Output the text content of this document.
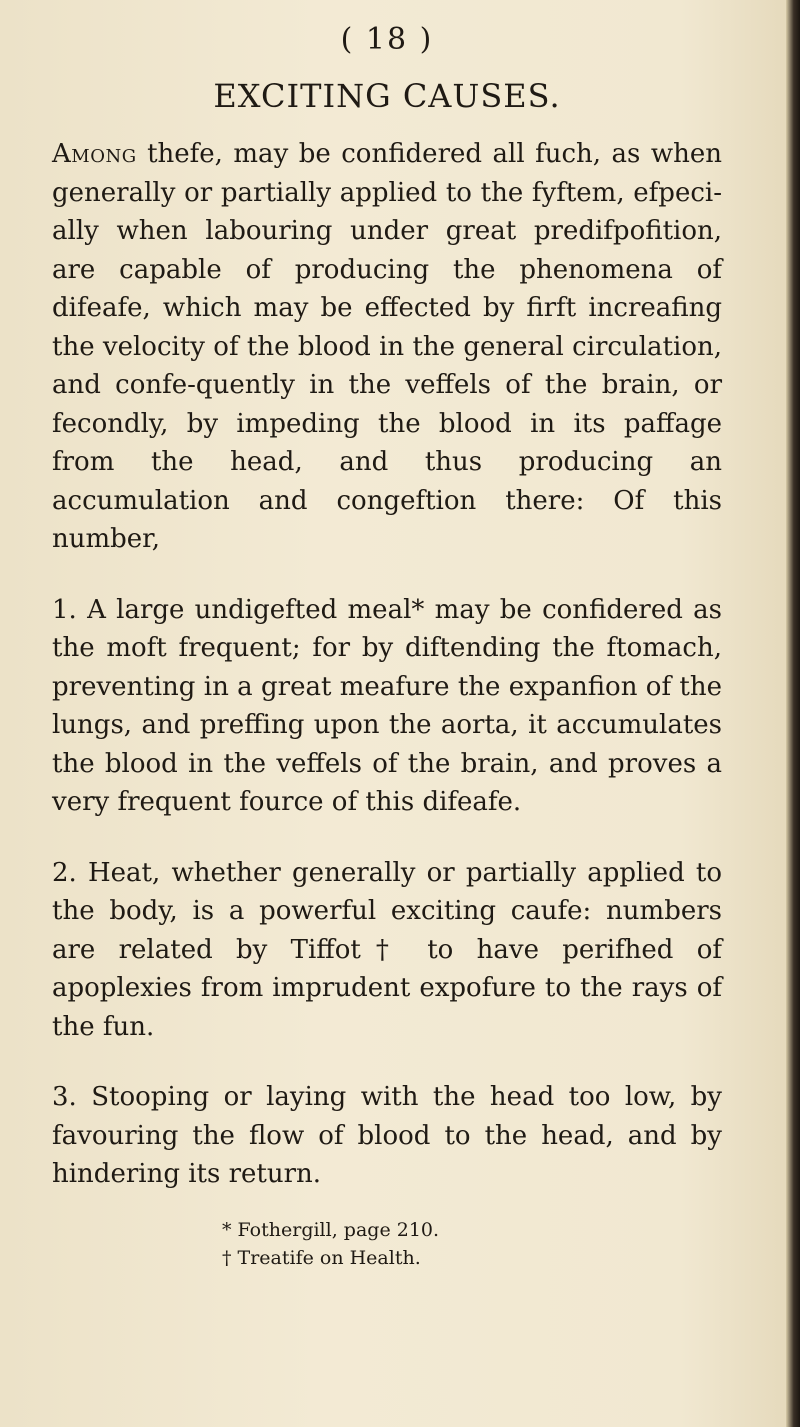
( 18 )
EXCITING CAUSES.

Among thefe, may be confidered all fuch, as when generally or partially applied to the fyftem, efpeci-ally when labouring under great predifpofition, are capable of producing the phenomena of difeafe, which may be effected by firft increafing the velocity of the blood in the general circulation, and confe-quently in the veffels of the brain, or fecondly, by impeding the blood in its paffage from the head, and thus producing an accumulation and congeftion there: Of this number,

1. A large undigefted meal* may be confidered as the moft frequent; for by diftending the ftomach, preventing in a great meafure the expanfion of the lungs, and preffing upon the aorta, it accumulates the blood in the veffels of the brain, and proves a very frequent fource of this difeafe.

2. Heat, whether generally or partially applied to the body, is a powerful exciting caufe: numbers are related by Tiffot† to have perifhed of apoplexies from imprudent expofure to the rays of the fun.

3. Stooping or laying with the head too low, by favouring the flow of blood to the head, and by hindering its return.

* Fothergill, page 210.
† Treatife on Health.
